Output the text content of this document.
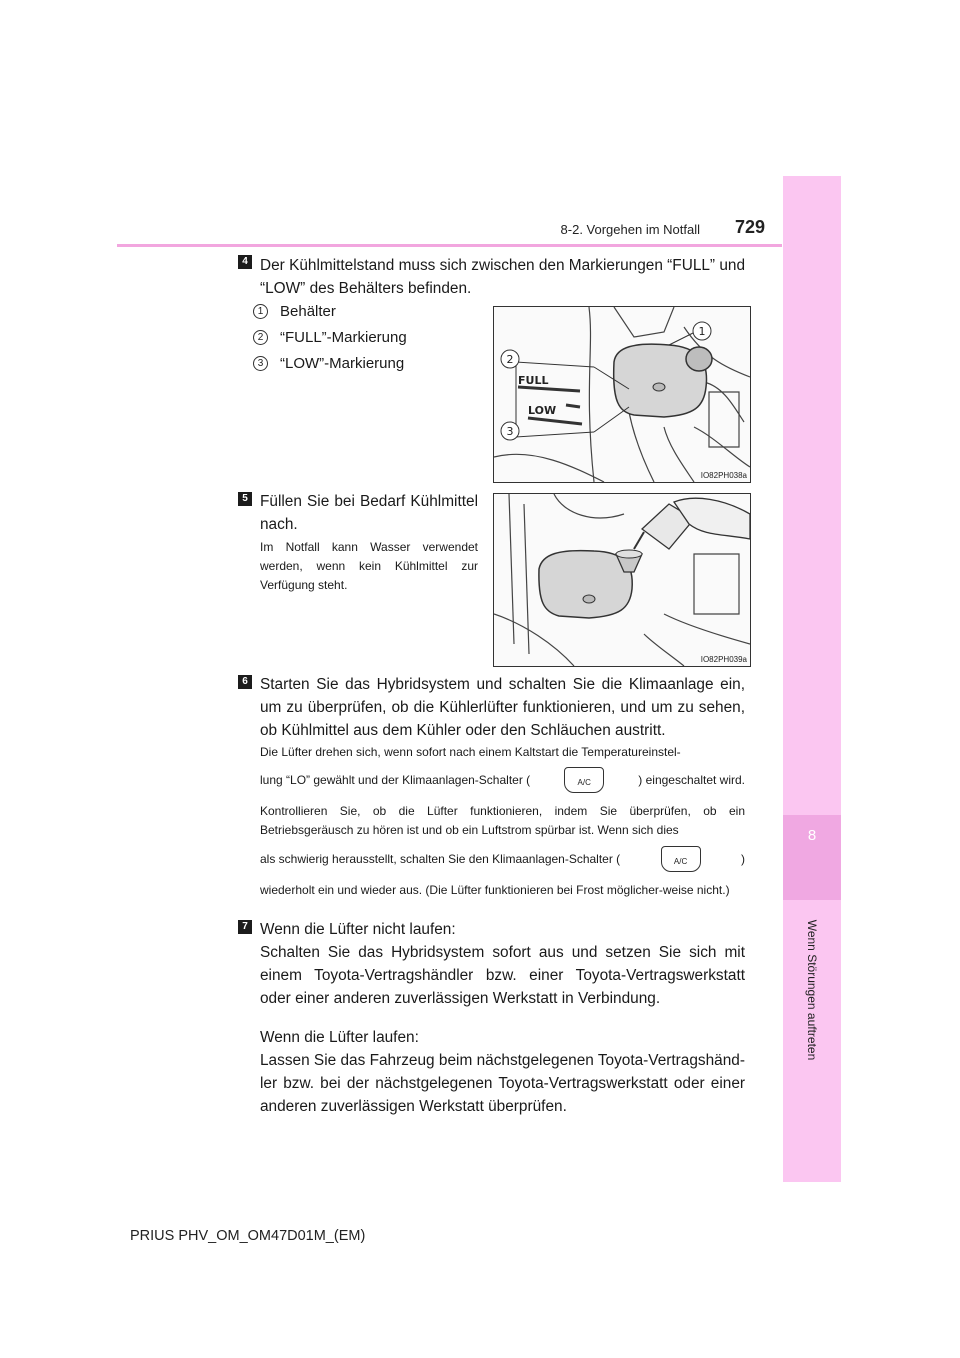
8-2. Vorgehen im Notfall 729
8
Wenn Störungen auftreten
4 Der Kühlmittelstand muss sich zwischen den Markierungen “FULL” und “LOW” des Behälters befinden.
1	Behälter
2	“FULL”-Markierung
3	“LOW”-Markierung
FULL
LOW
1
2
3
IO82PH038a
5 Füllen Sie bei Bedarf Kühlmittel nach.
Im Notfall kann Wasser verwendet werden, wenn kein Kühlmittel zur Verfügung steht.
IO82PH039a
6 Starten Sie das Hybridsystem und schalten Sie die Klimaanlage ein, um zu überprüfen, ob die Kühlerlüfter funktionieren, und um zu sehen, ob Kühlmittel aus dem Kühler oder den Schläuchen austritt.
Die Lüfter drehen sich, wenn sofort nach einem Kaltstart die Temperatureinstel-
lung “LO” gewählt und der Klimaanlagen-Schalter (	A/C	) eingeschaltet wird.
Kontrollieren Sie, ob die Lüfter funktionieren, indem Sie überprüfen, ob ein Betriebsgeräusch zu hören ist und ob ein Luftstrom spürbar ist. Wenn sich dies
als schwierig herausstellt, schalten Sie den Klimaanlagen-Schalter (	A/C	)
wiederholt ein und wieder aus. (Die Lüfter funktionieren bei Frost möglicher-weise nicht.)
7 Wenn die Lüfter nicht laufen:
Schalten Sie das Hybridsystem sofort aus und setzen Sie sich mit einem Toyota-Vertragshändler bzw. einer Toyota-Vertragswerkstatt oder einer anderen zuverlässigen Werkstatt in Verbindung.
Wenn die Lüfter laufen:
Lassen Sie das Fahrzeug beim nächstgelegenen Toyota-Vertragshänd-ler bzw. bei der nächstgelegenen Toyota-Vertragswerkstatt oder einer anderen zuverlässigen Werkstatt überprüfen.
PRIUS PHV_OM_OM47D01M_(EM)
